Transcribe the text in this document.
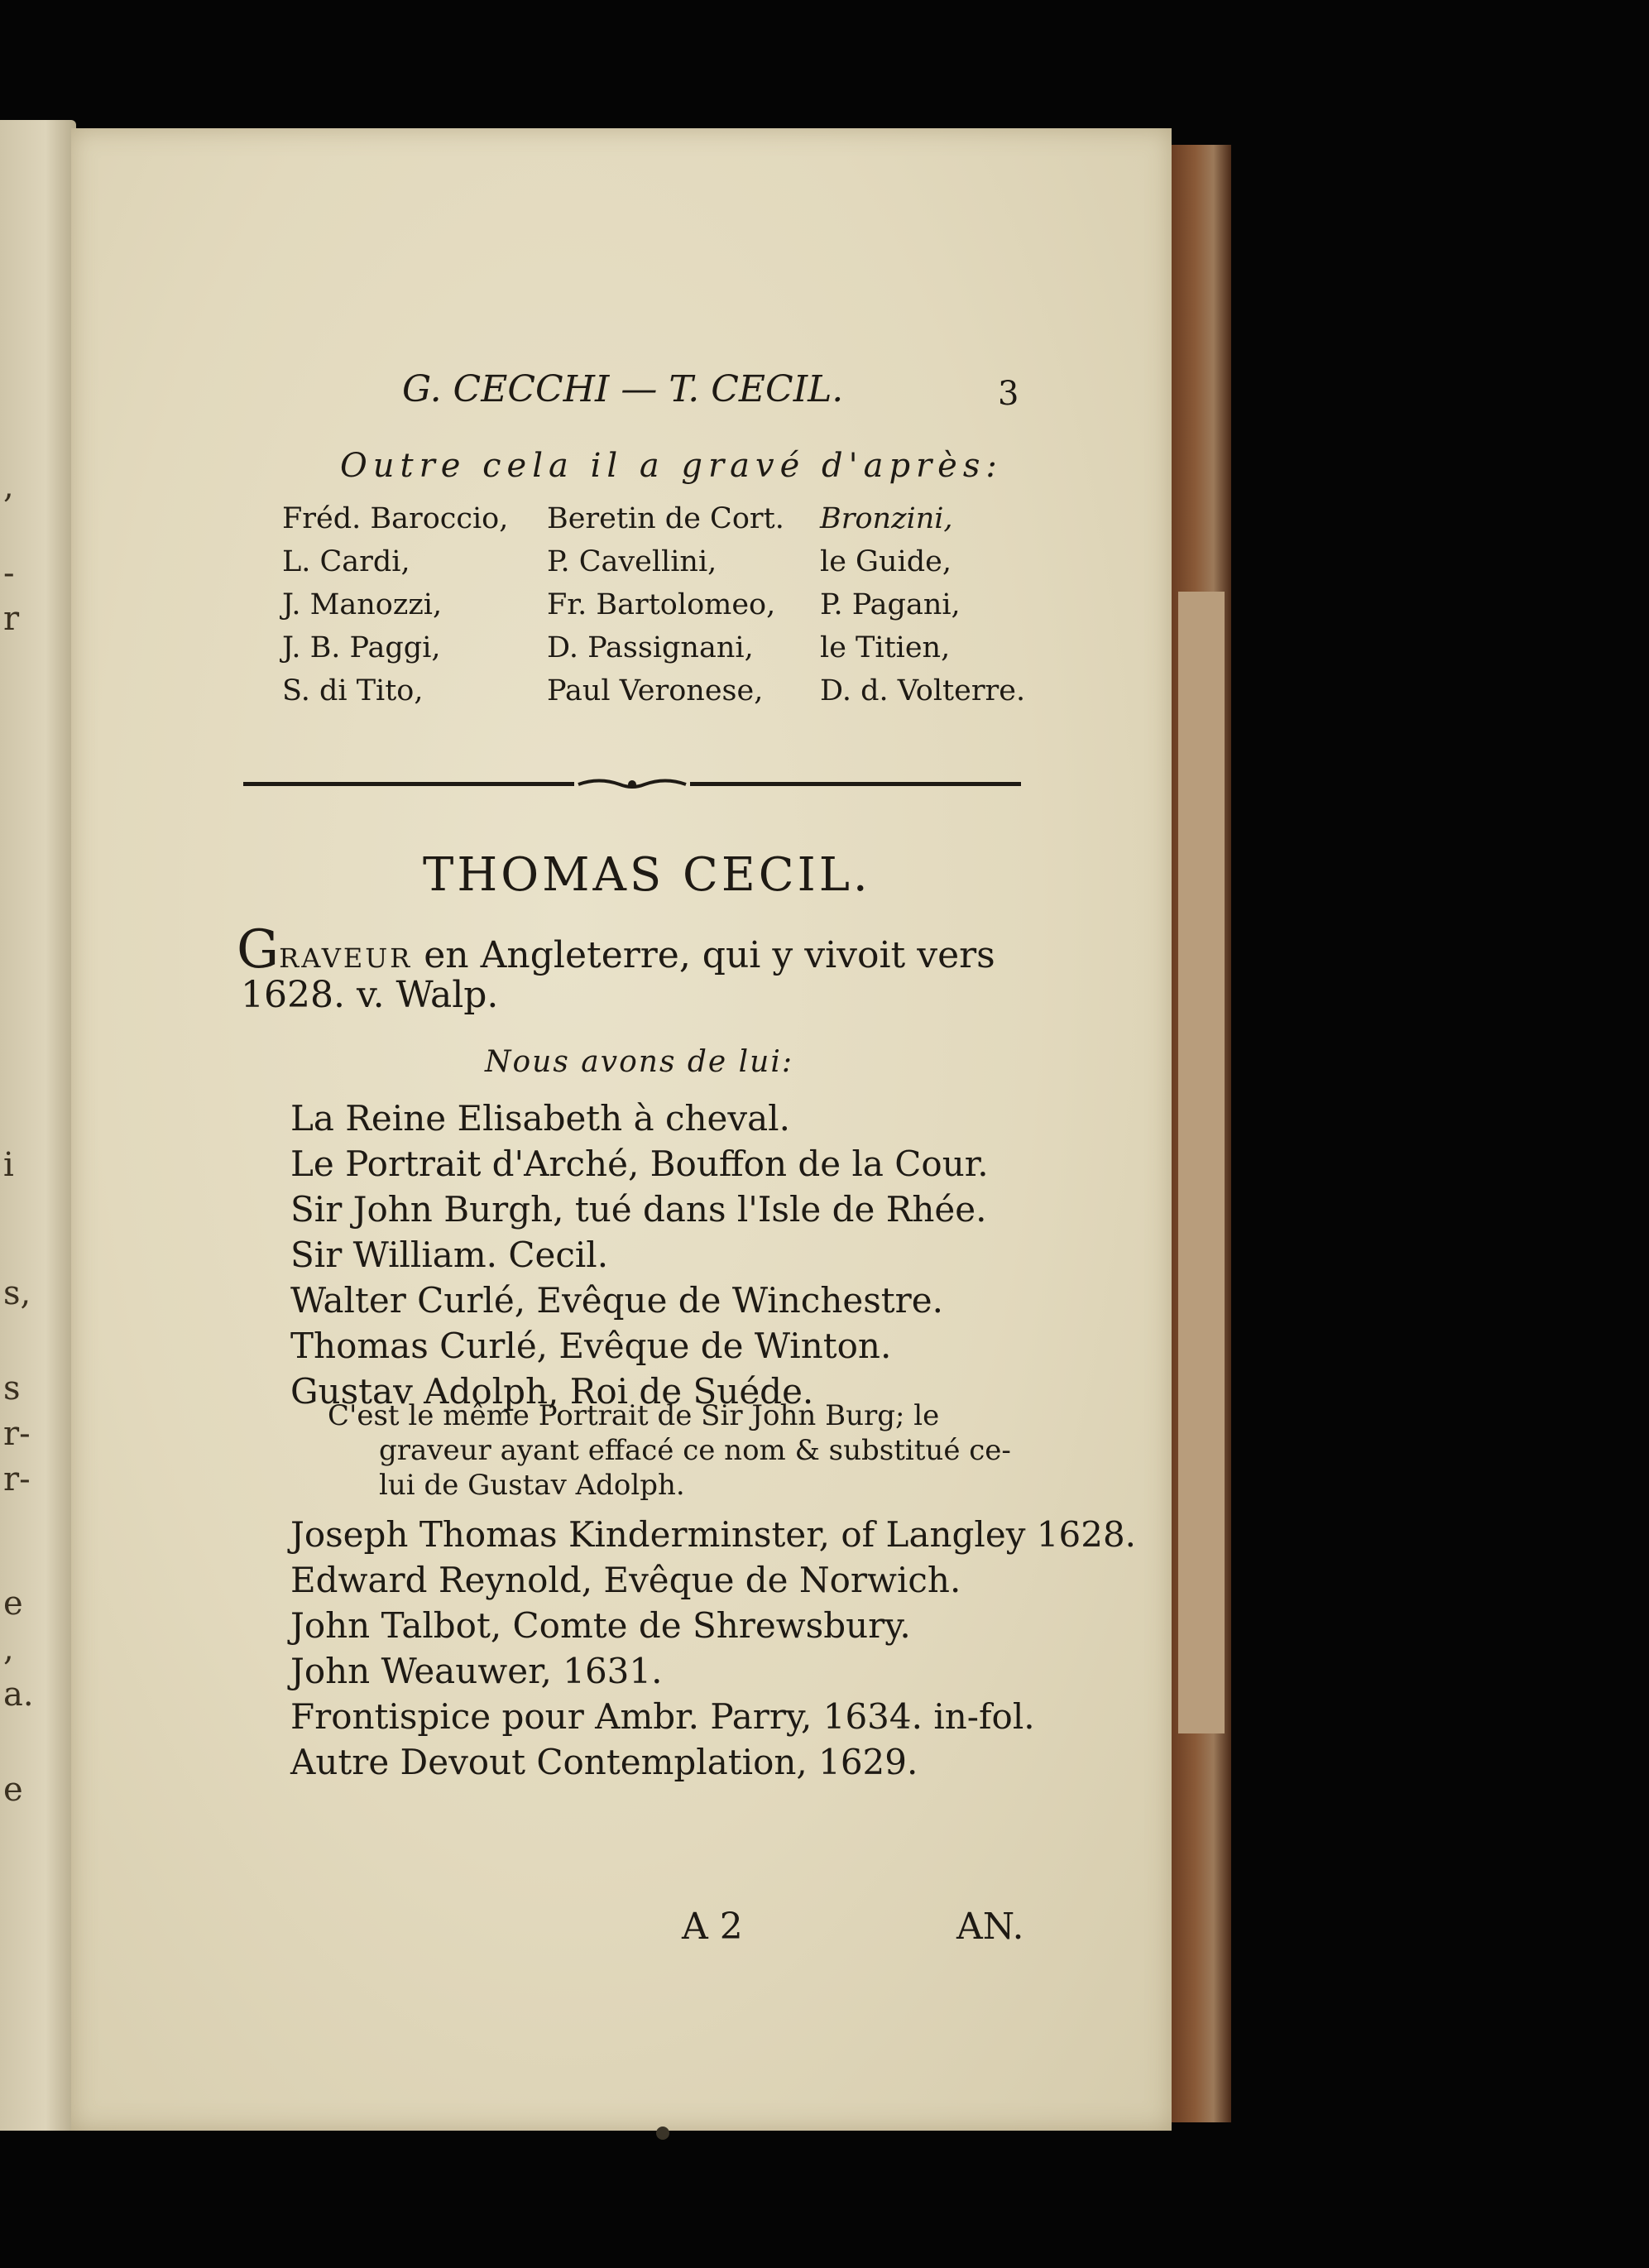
,
-
r
i
s,
s
r-
r-
e
,
a.
e
G. CECCHI — T. CECIL.	3
Outre cela il a gravé d'après:
Fréd. Baroccio,	Beretin de Cort.	Bronzini,
L. Cardi,	P. Cavellini,	le Guide,
J. Manozzi,	Fr. Bartolomeo,	P. Pagani,
J. B. Paggi,	D. Passignani,	le Titien,
S. di Tito,	Paul Veronese,	D. d. Volterre.
THOMAS CECIL.
GRAVEUR en Angleterre, qui y vivoit vers
1628. v. Walp.
Nous avons de lui:
La Reine Elisabeth à cheval.
Le Portrait d'Arché, Bouffon de la Cour.
Sir John Burgh, tué dans l'Isle de Rhée.
Sir William. Cecil.
Walter Curlé, Evêque de Winchestre.
Thomas Curlé, Evêque de Winton.
Gustav Adolph, Roi de Suéde.
C'est le même Portrait de Sir John Burg; le
graveur ayant effacé ce nom & substitué ce-
lui de Gustav Adolph.
Joseph Thomas Kinderminster, of Langley 1628.
Edward Reynold, Evêque de Norwich.
John Talbot, Comte de Shrewsbury.
John Weauwer, 1631.
Frontispice pour Ambr. Parry, 1634. in-fol.
Autre Devout Contemplation, 1629.
A 2	AN.
